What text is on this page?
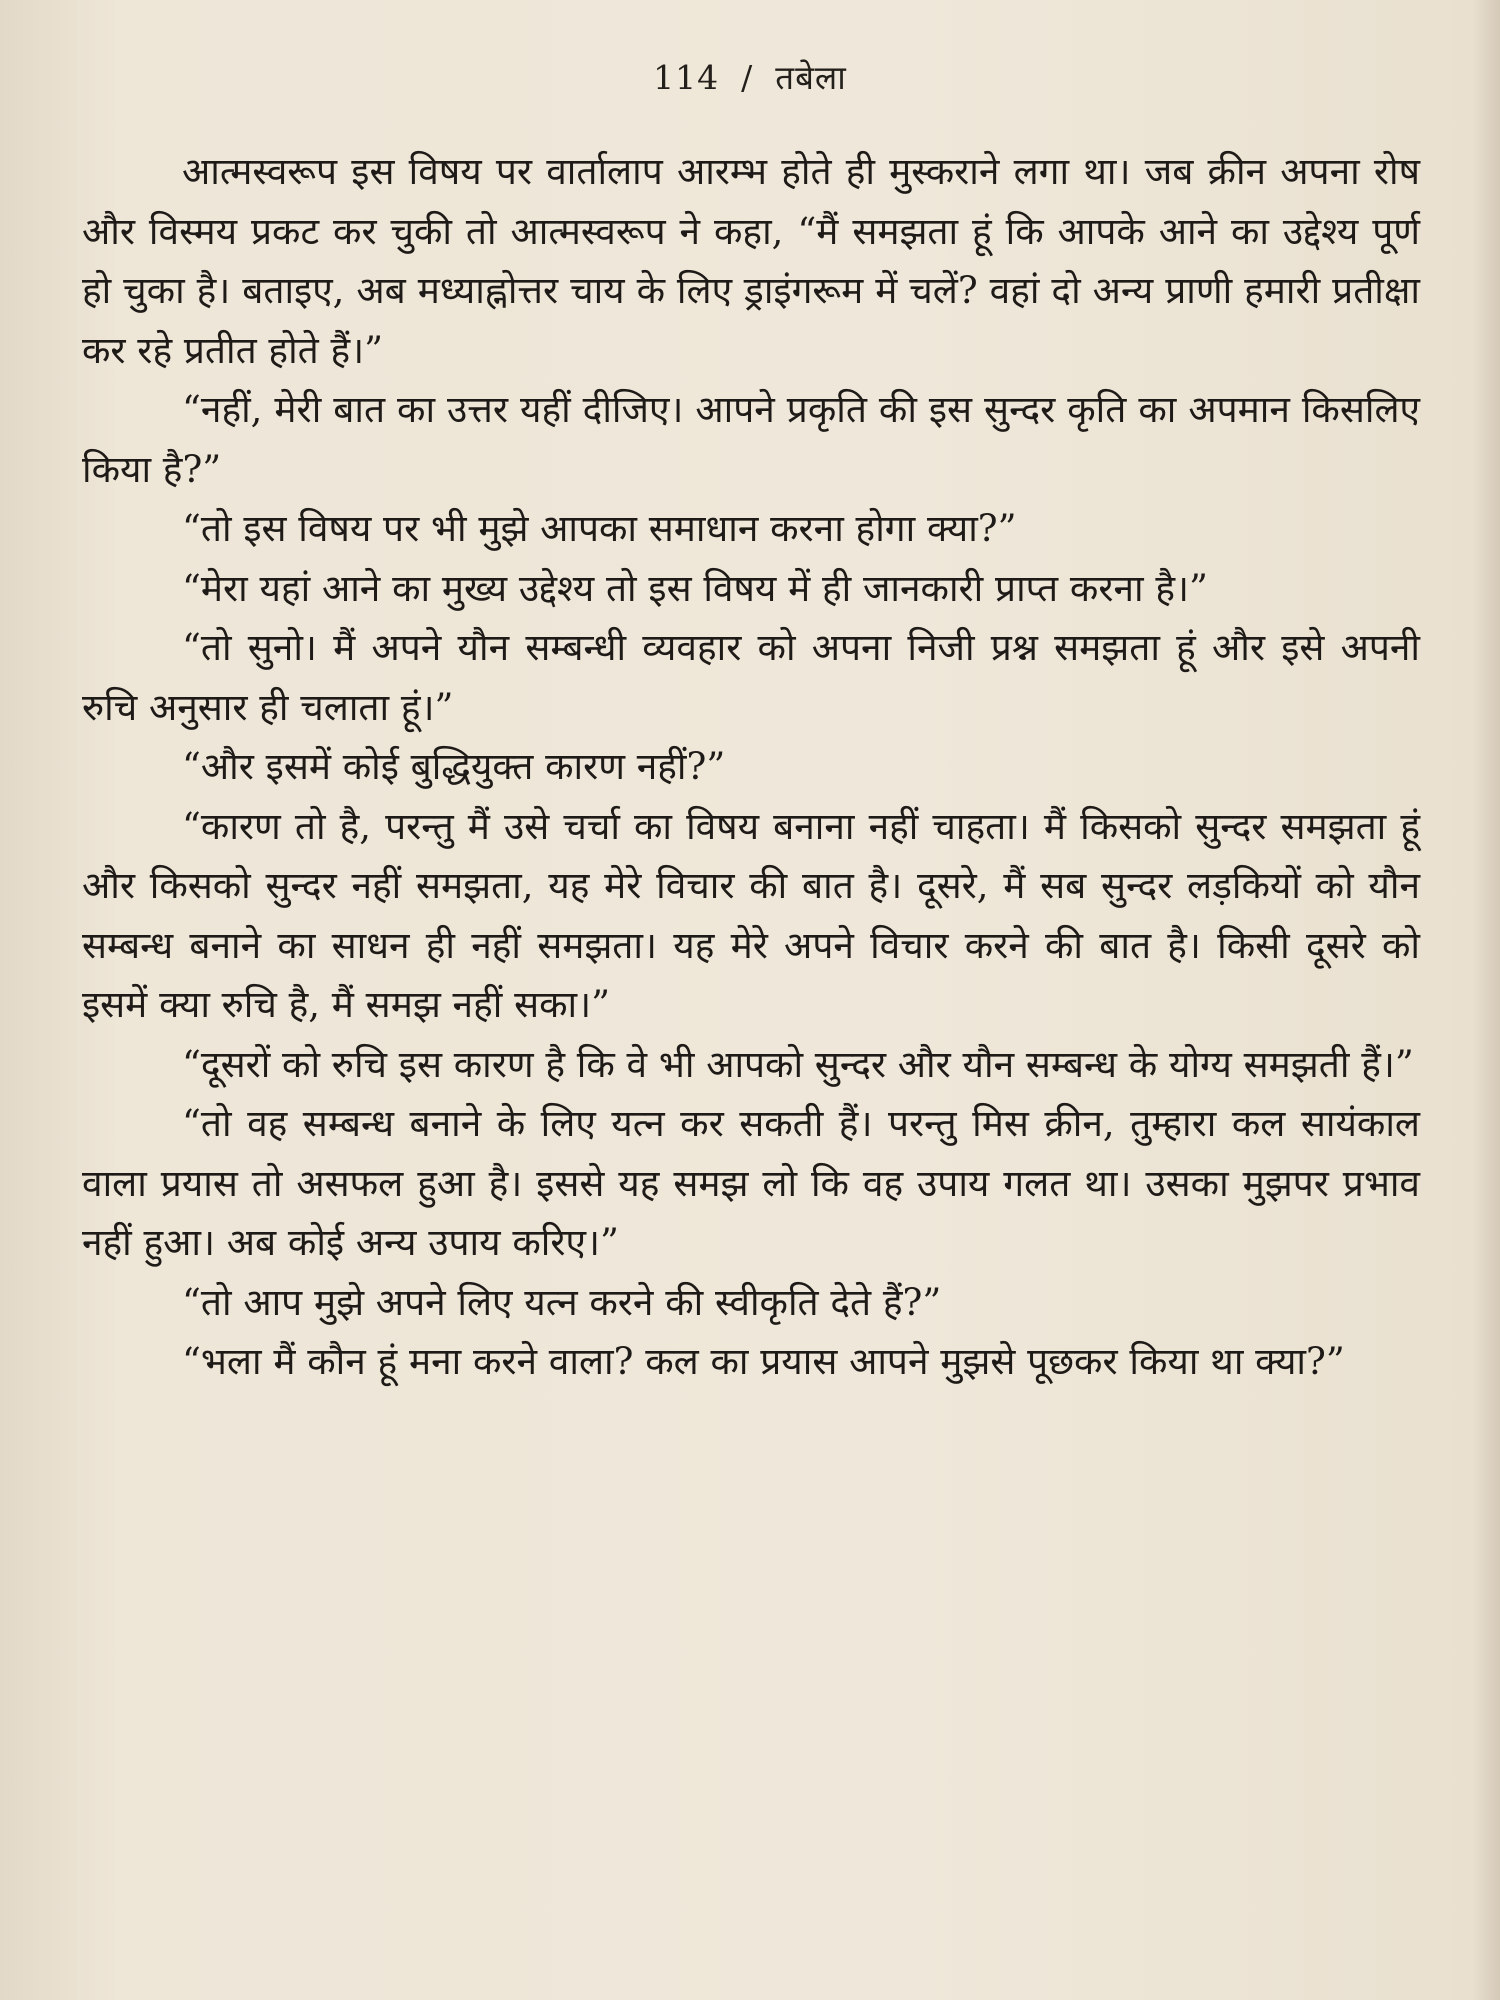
114 / तबेला

आत्मस्वरूप इस विषय पर वार्तालाप आरम्भ होते ही मुस्कराने लगा था। जब क्रीन अपना रोष और विस्मय प्रकट कर चुकी तो आत्मस्वरूप ने कहा, “मैं समझता हूं कि आपके आने का उद्देश्य पूर्ण हो चुका है। बताइए, अब मध्याह्नोत्तर चाय के लिए ड्राइंगरूम में चलें? वहां दो अन्य प्राणी हमारी प्रतीक्षा कर रहे प्रतीत होते हैं।”

“नहीं, मेरी बात का उत्तर यहीं दीजिए। आपने प्रकृति की इस सुन्दर कृति का अपमान किसलिए किया है?”

“तो इस विषय पर भी मुझे आपका समाधान करना होगा क्या?”

“मेरा यहां आने का मुख्य उद्देश्य तो इस विषय में ही जानकारी प्राप्त करना है।”

“तो सुनो। मैं अपने यौन सम्बन्धी व्यवहार को अपना निजी प्रश्न समझता हूं और इसे अपनी रुचि अनुसार ही चलाता हूं।”

“और इसमें कोई बुद्धियुक्त कारण नहीं?”

“कारण तो है, परन्तु मैं उसे चर्चा का विषय बनाना नहीं चाहता। मैं किसको सुन्दर समझता हूं और किसको सुन्दर नहीं समझता, यह मेरे विचार की बात है। दूसरे, मैं सब सुन्दर लड़कियों को यौन सम्बन्ध बनाने का साधन ही नहीं समझता। यह मेरे अपने विचार करने की बात है। किसी दूसरे को इसमें क्या रुचि है, मैं समझ नहीं सका।”

“दूसरों को रुचि इस कारण है कि वे भी आपको सुन्दर और यौन सम्बन्ध के योग्य समझती हैं।”

“तो वह सम्बन्ध बनाने के लिए यत्न कर सकती हैं। परन्तु मिस क्रीन, तुम्हारा कल सायंकाल वाला प्रयास तो असफल हुआ है। इससे यह समझ लो कि वह उपाय गलत था। उसका मुझपर प्रभाव नहीं हुआ। अब कोई अन्य उपाय करिए।”

“तो आप मुझे अपने लिए यत्न करने की स्वीकृति देते हैं?”

“भला मैं कौन हूं मना करने वाला? कल का प्रयास आपने मुझसे पूछकर किया था क्या?”
